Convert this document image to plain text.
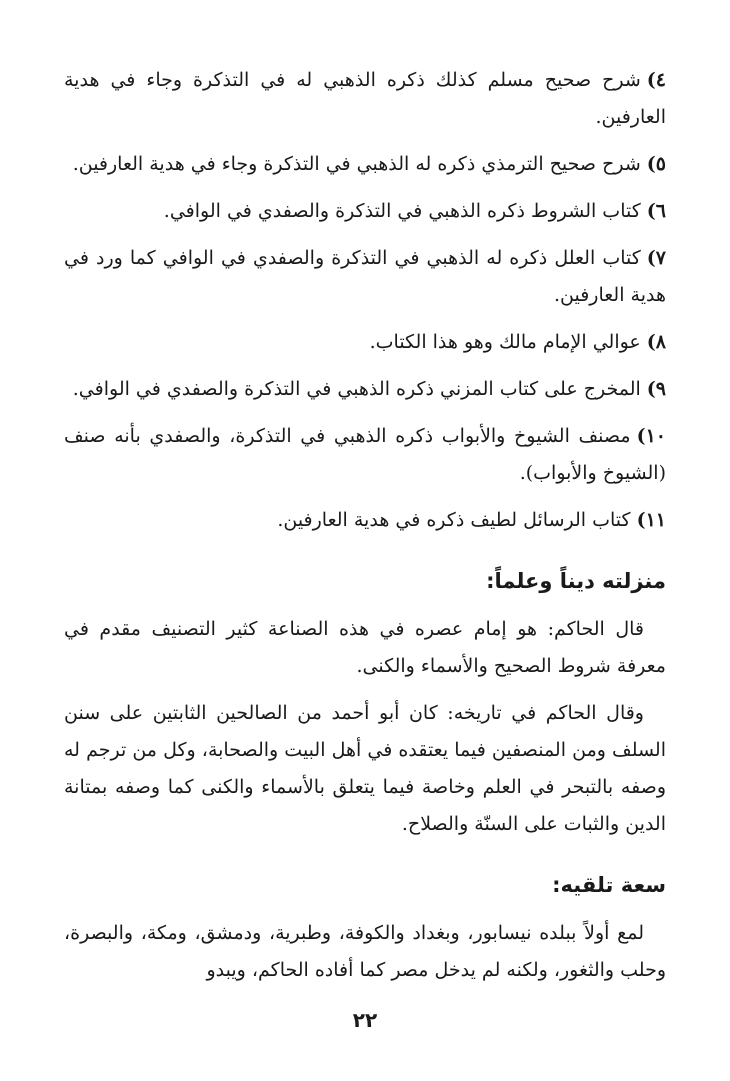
٤)شرح صحيح مسلم كذلك ذكره الذهبي له في التذكرة وجاء في هدية العارفين.

٥)شرح صحيح الترمذي ذكره له الذهبي في التذكرة وجاء في هدية العارفين.

٦)كتاب الشروط ذكره الذهبي في التذكرة والصفدي في الوافي.

٧)كتاب العلل ذكره له الذهبي في التذكرة والصفدي في الوافي كما ورد في هدية العارفين.

٨)عوالي الإمام مالك وهو هذا الكتاب.

٩)المخرج على كتاب المزني ذكره الذهبي في التذكرة والصفدي في الوافي.

١٠)مصنف الشيوخ والأبواب ذكره الذهبي في التذكرة، والصفدي بأنه صنف (الشيوخ والأبواب).

١١)كتاب الرسائل لطيف ذكره في هدية العارفين.

منزلته ديناً وعلماً:

قال الحاكم: هو إمام عصره في هذه الصناعة كثير التصنيف مقدم في معرفة شروط الصحيح والأسماء والكنى.

وقال الحاكم في تاريخه: كان أبو أحمد من الصالحين الثابتين على سنن السلف ومن المنصفين فيما يعتقده في أهل البيت والصحابة، وكل من ترجم له وصفه بالتبحر في العلم وخاصة فيما يتعلق بالأسماء والكنى كما وصفه بمتانة الدين والثبات على السنّة والصلاح.

سعة تلقيه:

لمع أولاً ببلده نيسابور، وبغداد والكوفة، وطبرية، ودمشق، ومكة، والبصرة، وحلب والثغور، ولكنه لم يدخل مصر كما أفاده الحاكم، ويبدو

٢٢
